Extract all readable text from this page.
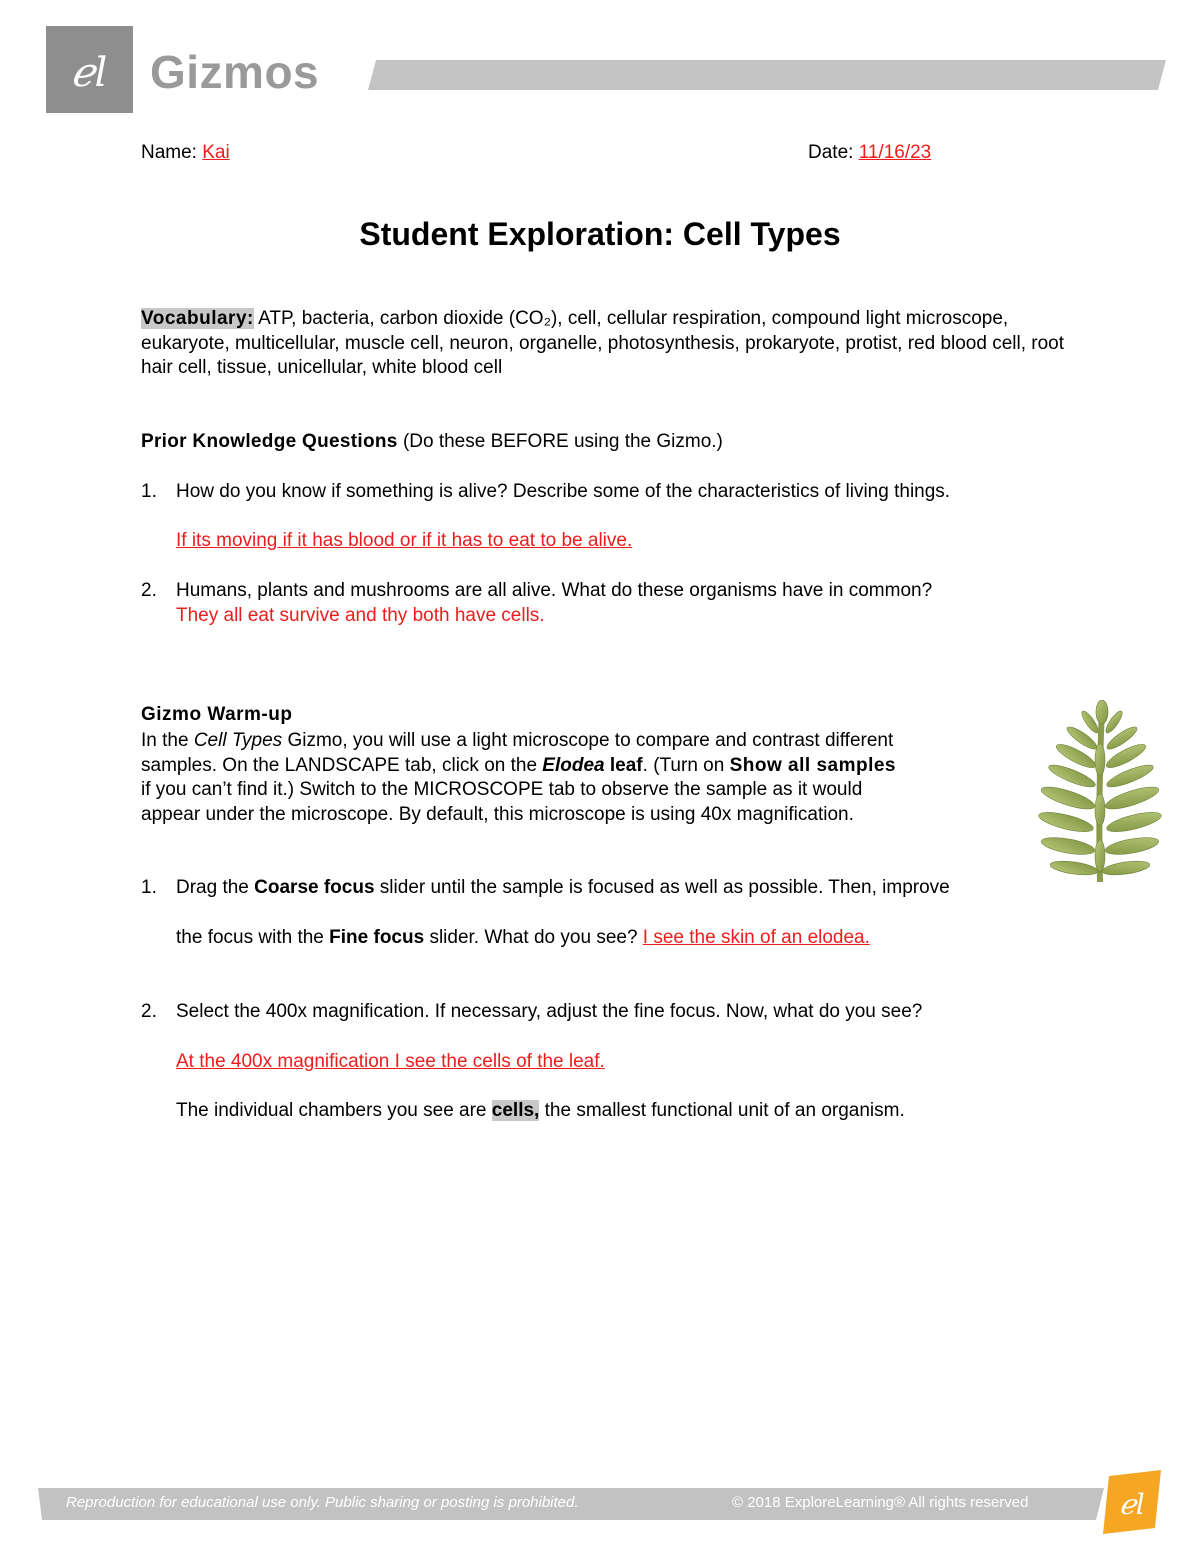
ℯl Gizmos
Name: Kai	Date: 11/16/23
Student Exploration: Cell Types
Vocabulary: ATP, bacteria, carbon dioxide (CO₂), cell, cellular respiration, compound light microscope, eukaryote, multicellular, muscle cell, neuron, organelle, photosynthesis, prokaryote, protist, red blood cell, root hair cell, tissue, unicellular, white blood cell
Prior Knowledge Questions (Do these BEFORE using the Gizmo.)
1. How do you know if something is alive? Describe some of the characteristics of living things.
If its moving if it has blood or if it has to eat to be alive.
2. Humans, plants and mushrooms are all alive. What do these organisms have in common?
They all eat survive and thy both have cells.
Gizmo Warm-up
In the Cell Types Gizmo, you will use a light microscope to compare and contrast different samples. On the LANDSCAPE tab, click on the Elodea leaf. (Turn on Show all samples if you can’t find it.) Switch to the MICROSCOPE tab to observe the sample as it would appear under the microscope. By default, this microscope is using 40x magnification.
1. Drag the Coarse focus slider until the sample is focused as well as possible. Then, improve
the focus with the Fine focus slider. What do you see? I see the skin of an elodea.
2. Select the 400x magnification. If necessary, adjust the fine focus. Now, what do you see?
At the 400x magnification I see the cells of the leaf.
The individual chambers you see are cells, the smallest functional unit of an organism.
Reproduction for educational use only. Public sharing or posting is prohibited.	© 2018 ExploreLearning® All rights reserved	ℯl
